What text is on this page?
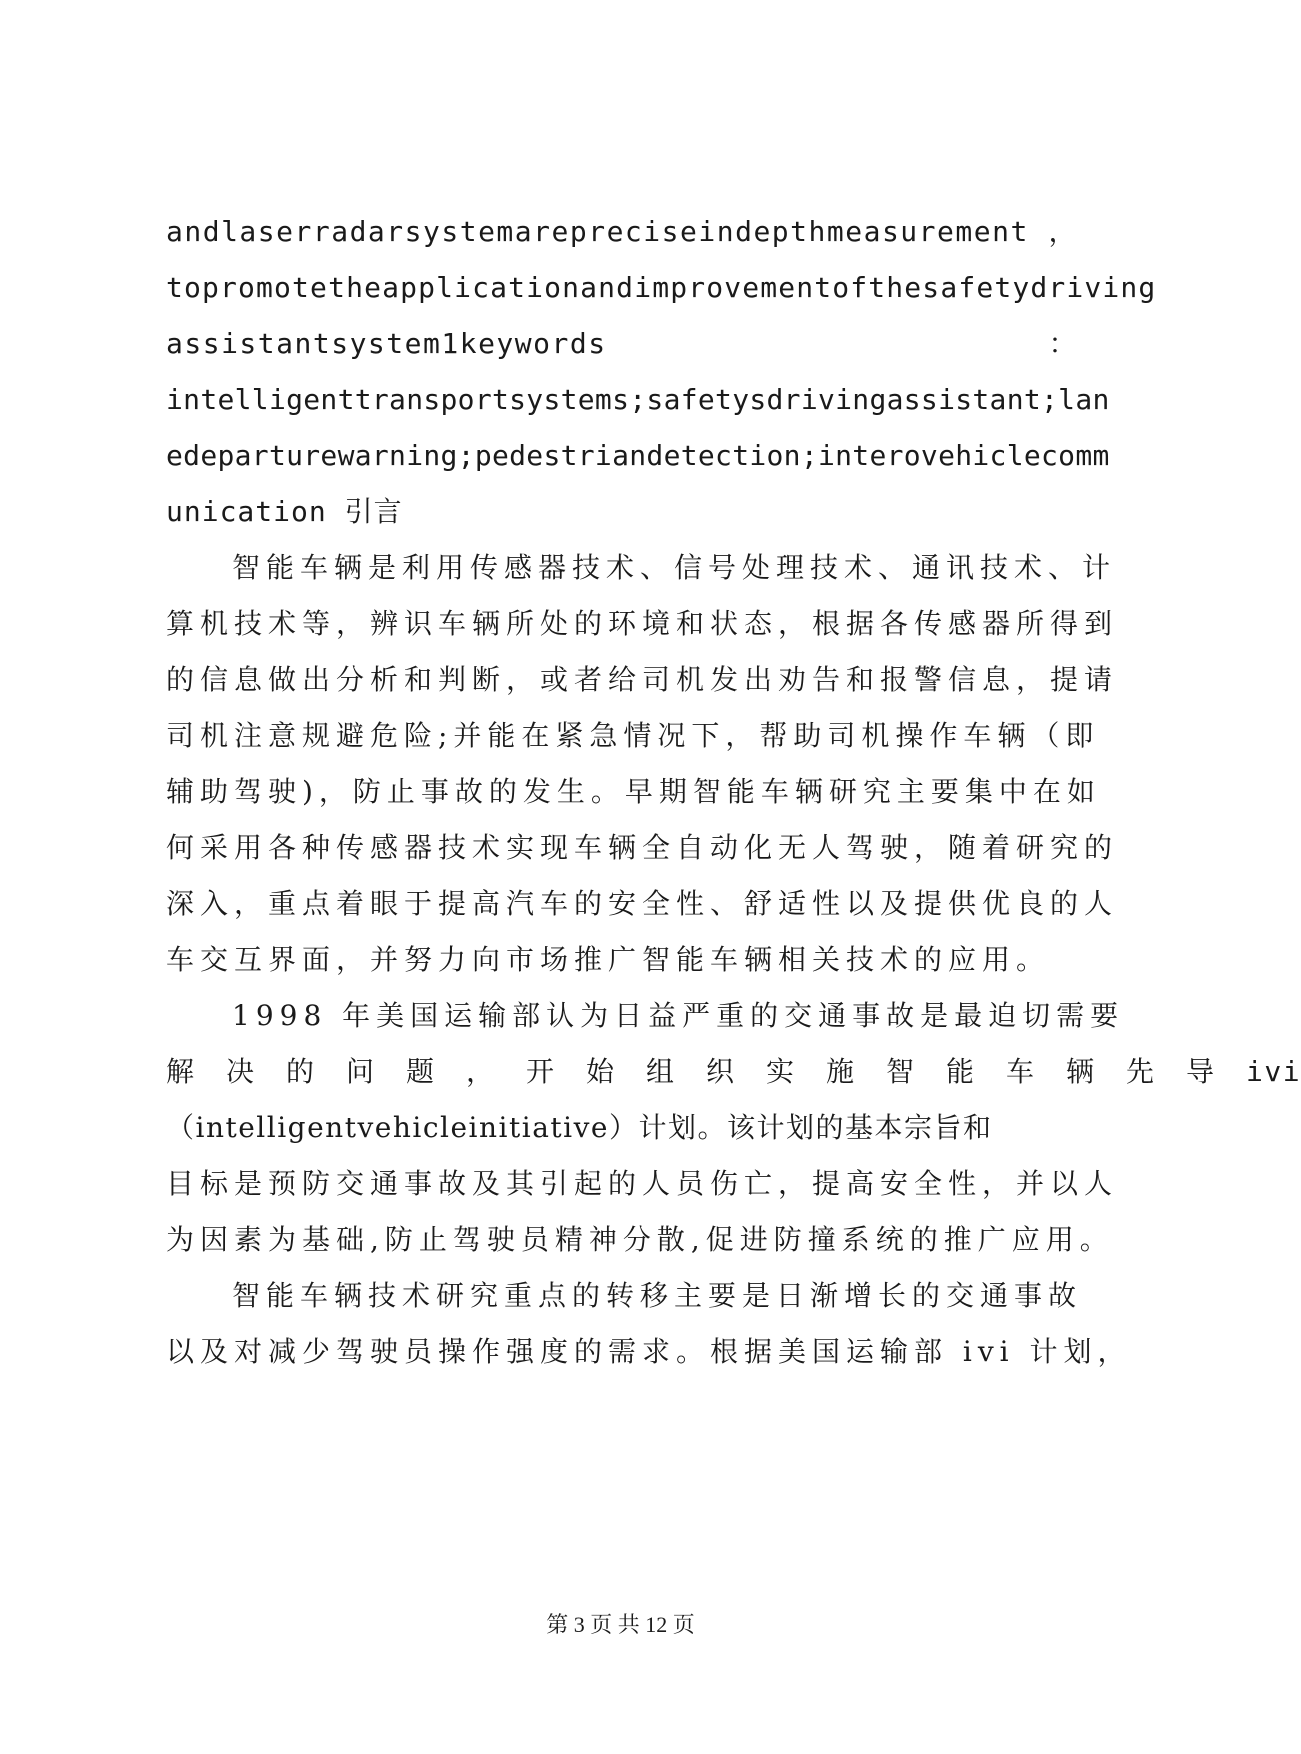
andlaserradarsystemarepreciseindepthmeasurement ，
topromotetheapplicationandimprovementofthesafetydriving
assistantsystem1keywords	：
intelligenttransportsystems;safetysdrivingassistant;lan
edeparturewarning;pedestriandetection;interovehiclecomm
unication 引言
智能车辆是利用传感器技术、信号处理技术、通讯技术、计
算机技术等，辨识车辆所处的环境和状态，根据各传感器所得到
的信息做出分析和判断，或者给司机发出劝告和报警信息，提请
司机注意规避危险;并能在紧急情况下，帮助司机操作车辆（即
辅助驾驶)，防止事故的发生。早期智能车辆研究主要集中在如
何采用各种传感器技术实现车辆全自动化无人驾驶，随着研究的
深入，重点着眼于提高汽车的安全性、舒适性以及提供优良的人
车交互界面，并努力向市场推广智能车辆相关技术的应用。
1998 年美国运输部认为日益严重的交通事故是最迫切需要
解决的问题，开始组织实施智能车辆先导 ivi
（intelligentvehicleinitiative）计划。该计划的基本宗旨和
目标是预防交通事故及其引起的人员伤亡，提高安全性，并以人
为因素为基础,防止驾驶员精神分散,促进防撞系统的推广应用。
智能车辆技术研究重点的转移主要是日渐增长的交通事故
以及对减少驾驶员操作强度的需求。根据美国运输部 ivi 计划，
第 3 页 共 12 页
